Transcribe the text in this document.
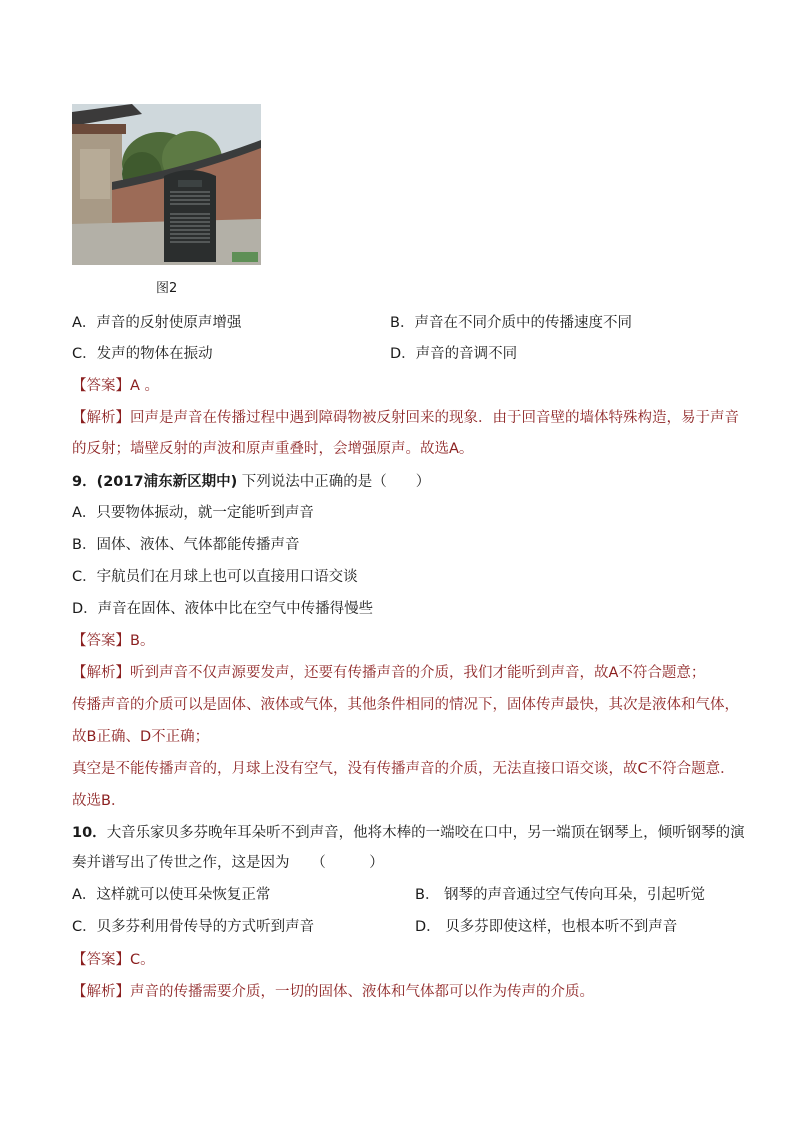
图2
A．声音的反射使原声增强	B．声音在不同介质中的传播速度不同
C．发声的物体在振动	D．声音的音调不同
【答案】A 。
【解析】回声是声音在传播过程中遇到障碍物被反射回来的现象．由于回音壁的墙体特殊构造，易于声音
的反射；墙壁反射的声波和原声重叠时，会增强原声。故选A。
9．(2017浦东新区期中) 下列说法中正确的是（　　）
A．只要物体振动，就一定能听到声音
B．固体、液体、气体都能传播声音
C．宇航员们在月球上也可以直接用口语交谈
D．声音在固体、液体中比在空气中传播得慢些
【答案】B。
【解析】听到声音不仅声源要发声，还要有传播声音的介质，我们才能听到声音，故A不符合题意；
传播声音的介质可以是固体、液体或气体，其他条件相同的情况下，固体传声最快，其次是液体和气体，
故B正确、D不正确；
真空是不能传播声音的，月球上没有空气，没有传播声音的介质，无法直接口语交谈，故C不符合题意．
故选B．
10．大音乐家贝多芬晚年耳朵听不到声音，他将木棒的一端咬在口中，另一端顶在钢琴上，倾听钢琴的演
奏并谱写出了传世之作，这是因为　　（　　　）
A．这样就可以使耳朵恢复正常	B． 钢琴的声音通过空气传向耳朵，引起听觉
C．贝多芬利用骨传导的方式听到声音	D． 贝多芬即使这样，也根本听不到声音
【答案】C。
【解析】声音的传播需要介质，一切的固体、液体和气体都可以作为传声的介质。
